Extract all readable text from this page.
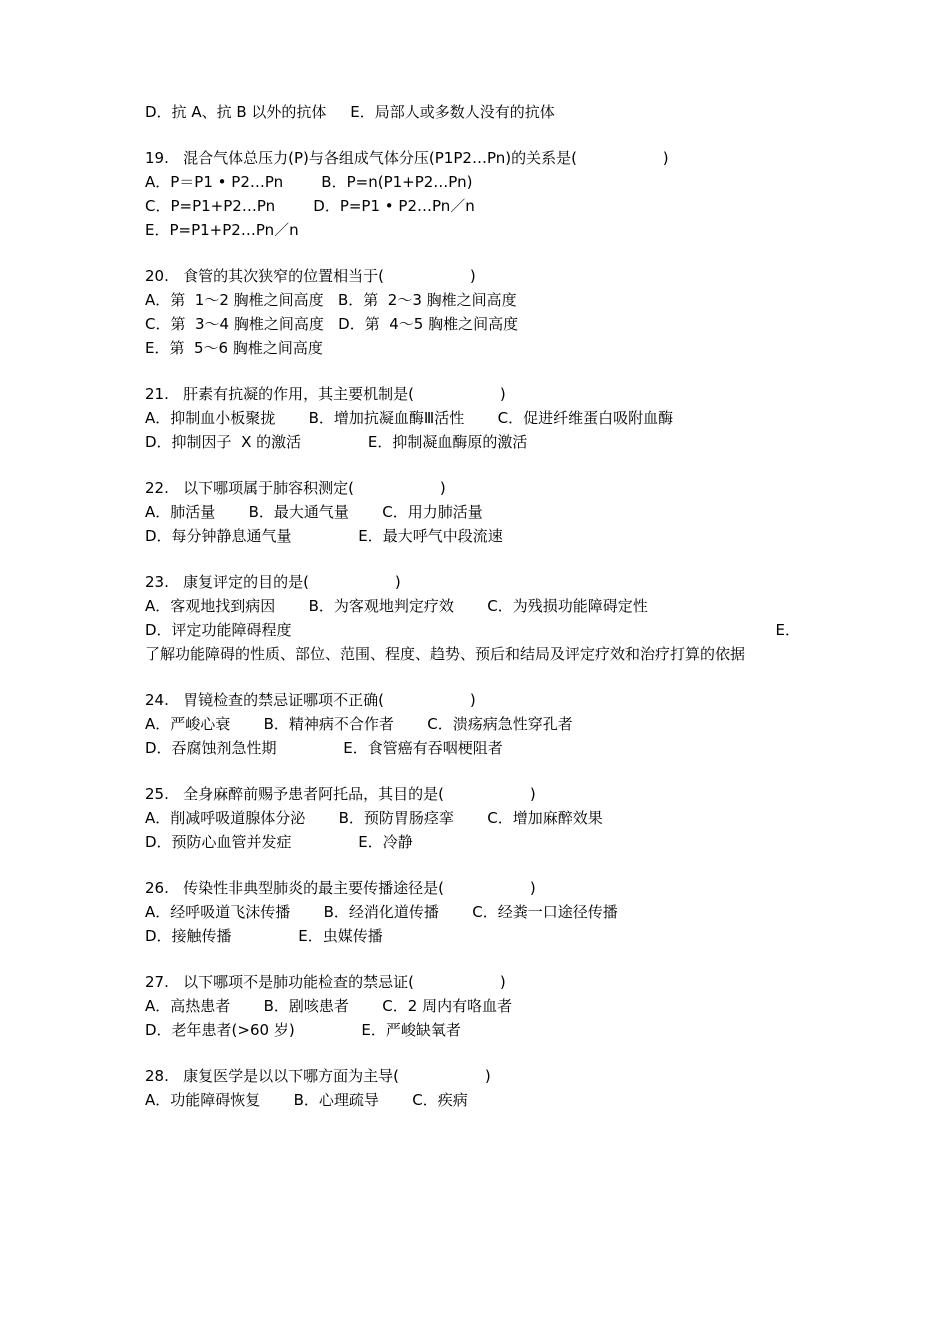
D．抗 A、抗 B 以外的抗体     E．局部人或多数人没有的抗体

19.   混合气体总压力(P)与各组成气体分压(P1P2…Pn)的关系是(                  )

A．P＝P1 • P2…Pn        B．P=n(P1+P2…Pn)

C．P=P1+P2…Pn        D．P=P1 • P2…Pn／n

E．P=P1+P2…Pn／n

20.   食管的其次狭窄的位置相当于(                  )

A．第  1～2 胸椎之间高度   B．第  2～3 胸椎之间高度

C．第  3～4 胸椎之间高度   D．第  4～5 胸椎之间高度

E．第  5～6 胸椎之间高度

21.   肝素有抗凝的作用，其主要机制是(                  )

A．抑制血小板聚拢       B．增加抗凝血酶Ⅲ活性       C．促进纤维蛋白吸附血酶

D．抑制因子  X 的激活              E．抑制凝血酶原的激活

22.   以下哪项属于肺容积测定(                  )

A．肺活量       B．最大通气量       C．用力肺活量

D．每分钟静息通气量              E．最大呼气中段流速

23.   康复评定的目的是(                  )

A．客观地找到病因       B．为客观地判定疗效       C．为残损功能障碍定性

D．评定功能障碍程度	E．

了解功能障碍的性质、部位、范围、程度、趋势、预后和结局及评定疗效和治疗打算的依据

24.   胃镜检查的禁忌证哪项不正确(                  )

A．严峻心衰       B．精神病不合作者       C．溃疡病急性穿孔者

D．吞腐蚀剂急性期              E．食管癌有吞咽梗阻者

25.   全身麻醉前赐予患者阿托品，其目的是(                  )

A．削减呼吸道腺体分泌       B．预防胃肠痉挛       C．增加麻醉效果

D．预防心血管并发症              E．冷静

26.   传染性非典型肺炎的最主要传播途径是(                  )

A．经呼吸道飞沫传播       B．经消化道传播       C．经粪一口途径传播

D．接触传播              E．虫媒传播

27.   以下哪项不是肺功能检查的禁忌证(                  )

A．高热患者       B．剧咳患者       C．2 周内有咯血者

D．老年患者(>60 岁)              E．严峻缺氧者

28.   康复医学是以以下哪方面为主导(                  )

A．功能障碍恢复       B．心理疏导       C．疾病
